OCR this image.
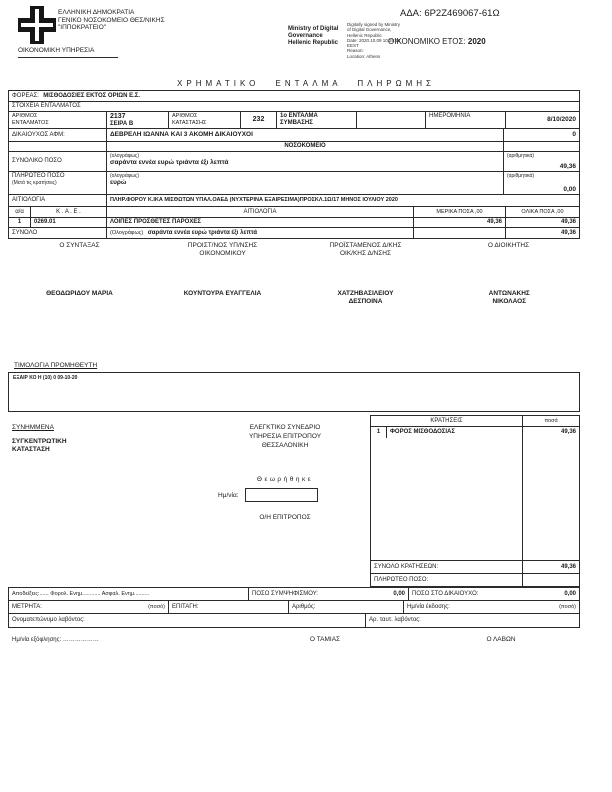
ΕΛΛΗΝΙΚΗ ΔΗΜΟΚΡΑΤΙΑ
ΓΕΝΙΚΟ ΝΟΣΟΚΟΜΕΙΟ ΘΕΣ/ΝΙΚΗΣ
"ΙΠΠΟΚΡΑΤΕΙΟ"
ΟΙΚΟΝΟΜΙΚΗ ΥΠΗΡΕΣΙΑ
Ministry of Digital
Governance
Hellenic Republic
Digitally signed by Ministry
of Digital Governance,
Hellenic Republic
Date: 2020.10.09 10:28:15
EEST
Reason:
Location: Athens
ΑΔΑ: 6Ρ2Ζ469067-61Ω
ΟΙΚΟΝΟΜΙΚΟ ΕΤΟΣ: 2020
ΧΡΗΜΑΤΙΚΟ ΕΝΤΑΛΜΑ ΠΛΗΡΩΜΗΣ
ΦΟΡΕΑΣ:
ΜΙΣΘΟΔΟΣΙΕΣ ΕΚΤΟΣ ΟΡΙΩΝ Ε.Σ.
ΣΤΟΙΧΕΙΑ ΕΝΤΑΛΜΑΤΟΣ
ΑΡΙΘΜΟΣ ΕΝΤΑΛΜΑΤΟΣ
2137
ΣΕΙΡΑ Β
ΑΡΙΘΜΟΣ ΚΑΤΑΣΤΑΣΗΣ	232	1ο ΕΝΤΑΛΜΑ ΣΥΜΒΑΣΗΣ
ΗΜΕΡΟΜΗΝΙΑ
8/10/2020
ΔΙΚΑΙΟΥΧΟΣ ΑΦΜ:	ΔΕΒΡΕΛΗ ΙΩΑΝΝΑ ΚΑΙ 3 ΑΚΟΜΗ ΔΙΚΑΙΟΥΧΟΙ	0
ΝΟΣΟΚΟΜΕΙΟ
ΣΥΝΟΛΙΚΟ ΠΟΣΟ
(ολογράφως)
σαράντα εννέα ευρώ τριάντα έξι λεπτά
(αριθμητικά)
49,36
ΠΛΗΡΩΤΕΟ ΠΟΣΟ
(Μετά τις κρατήσεις)
(ολογράφως)
ευρώ
(αριθμητικά)
0,00
ΑΙΤΙΟΛΟΓΙΑ	ΠΛΗΡ.ΦΟΡΟΥ Κ.ΙΚΑ ΜΙΣΘΩΤΩΝ ΥΠΑΛ.ΟΑΕΔ (ΝΥΧΤΕΡΙΝΑ ΕΞΑΙΡΕΣΙΜΑ)ΠΡΟΣΚΛ.1Ω/17 ΜΗΝΟΣ ΙΟΥΛΙΟΥ 2020
α/α	Κ . Α . Ε .	ΑΙΤΙΟΛΟΓΙΑ	ΜΕΡΙΚΑ ΠΟΣΑ ,00	ΟΛΙΚΑ ΠΟΣΑ ,00
1	0269.01	ΛΟΙΠΕΣ ΠΡΟΣΘΕΤΕΣ ΠΑΡΟΧΕΣ	49,36	49,36
ΣΥΝΟΛΟ	(Ολογράφως)
σαράντα εννέα ευρώ τριάντα έξι λεπτά	49,36
Ο ΣΥΝΤΑΞΑΣ
ΘΕΟΔΩΡΙΔΟΥ ΜΑΡΙΑ
ΠΡΟΙΣΤ/ΝΟΣ ΥΠ/ΝΣΗΣ ΟΙΚΟΝΟΜΙΚΟΥ
ΚΟΥΝΤΟΥΡΑ ΕΥΑΓΓΕΛΙΑ
ΠΡΟΪΣΤΑΜΕΝΟΣ Δ/ΚΗΣ ΟΙΚ/ΚΗΣ Δ/ΝΣΗΣ
ΧΑΤΖΗΒΑΣΙΛΕΙΟΥ ΔΕΣΠΟΙΝΑ
Ο ΔΙΟΙΚΗΤΗΣ
ΑΝΤΩΝΑΚΗΣ ΝΙΚΟΛΑΟΣ
ΤΙΜΟΛΟΓΙΑ ΠΡΟΜΗΘΕΥΤΗ
ΕΞΑΙΡ ΚΟ Η (10) 0 09-10-20
ΣΥΝΗΜΜΕΝΑ
ΣΥΓΚΕΝΤΡΩΤΙΚΗ ΚΑΤΑΣΤΑΣΗ
ΕΛΕΓΚΤΙΚΟ ΣΥΝΕΔΡΙΟ
ΥΠΗΡΕΣΙΑ ΕΠΙΤΡΟΠΟΥ
ΘΕΣΣΑΛΟΝΙΚΗ
Θεωρήθηκε
Ημ/νία:
Ο/Η ΕΠΙΤΡΟΠΟΣ
ΚΡΑΤΗΣΕΙΣ	ποσά
1	ΦΟΡΟΣ ΜΙΣΘΟΔΟΣΙΑΣ	49,36
ΣΥΝΟΛΟ ΚΡΑΤΗΣΕΩΝ:	49,36
ΠΛΗΡΩΤΕΟ ΠΟΣΟ:
Αποδείξεις:...... Φορολ. Ενημ............ Ασφαλ. Ενημ..........	ΠΟΣΟ ΣΥΜΨΗΦΙΣΜΟΥ:	0,00 ΠΟΣΟ ΣΤΟ ΔΙΚΑΙΟΥΧΟ:	0,00
ΜΕΤΡΗΤΑ:	(ποσό)	ΕΠΙΤΑΓΗ:	Αριθμός:	Ημ/νία έκδοσης:	(ποσό)
Ονοματεπώνυμο λαβόντος:	Αρ. ταυτ. λαβόντος:
Ημ/νία εξόφλησης: ………………	Ο ΤΑΜΙΑΣ	Ο ΛΑΒΩΝ
